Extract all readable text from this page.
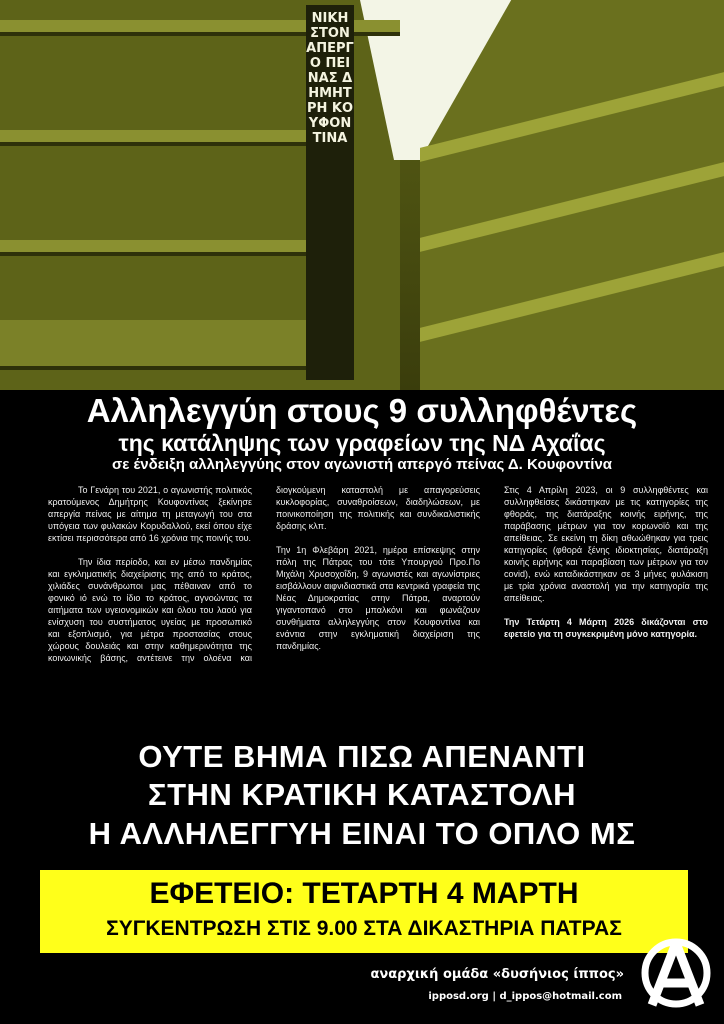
ΝΙΚΗ ΣΤΟΝ ΑΠΕΡΓΟ ΠΕΙΝΑΣ ΔΗΜΗΤΡΗ ΚΟΥΦΟΝΤΙΝΑ
Αλληλεγγύη στους 9 συλληφθέντες
της κατάληψης των γραφείων της ΝΔ Αχαΐας
σε ένδειξη αλληλεγγύης στον αγωνιστή απεργό πείνας Δ. Κουφοντίνα

Το Γενάρη του 2021, ο αγωνιστής πολιτικός κρατούμενος Δημήτρης Κουφοντίνας ξεκίνησε απεργία πείνας με αίτημα τη μεταγωγή του στα υπόγεια των φυλακών Κορυδαλλού, εκεί όπου είχε εκτίσει περισσότερα από 16 χρόνια της ποινής του.

Την ίδια περίοδο, και εν μέσω πανδημίας και εγκληματικής διαχείρισης της από το κράτος, χιλιάδες συνάνθρωποι μας πέθαιναν από το φονικό ιό ενώ το ίδιο το κράτος, αγνοώντας τα αιτήματα των υγειονομικών και όλου του λαού για ενίσχυση του συστήματος υγείας με προσωπικό και εξοπλισμό, για μέτρα προστασίας στους χώρους δουλειάς και στην καθημερινότητα της κοινωνικής βάσης, αντέτεινε την ολοένα και διογκούμενη καταστολή με απαγορεύσεις κυκλοφορίας, συναθροίσεων, διαδηλώσεων, με ποινικοποίηση της πολιτικής και συνδικαλιστικής δράσης κλπ.

Την 1η Φλεβάρη 2021, ημέρα επίσκεψης στην πόλη της Πάτρας του τότε Υπουργού Προ.Πο Μιχάλη Χρυσοχοΐδη, 9 αγωνιστές και αγωνίστριες εισβάλλουν αιφνιδιαστικά στα κεντρικά γραφεία της Νέας Δημοκρατίας στην Πάτρα, αναρτούν γιγαντοπανό στο μπαλκόνι και φωνάζουν συνθήματα αλληλεγγύης στον Κουφοντίνα και ενάντια στην εγκληματική διαχείριση της πανδημίας.

Στις 4 Απρίλη 2023, οι 9 συλληφθέντες και συλληφθείσες δικάστηκαν με τις κατηγορίες της φθοράς, της διατάραξης κοινής ειρήνης, της παράβασης μέτρων για τον κορωνοϊό και της απείθειας. Σε εκείνη τη δίκη αθωώθηκαν για τρεις κατηγορίες (φθορά ξένης ιδιοκτησίας, διατάραξη κοινής ειρήνης και παραβίαση των μέτρων για τον covid), ενώ καταδικάστηκαν σε 3 μήνες φυλάκιση με τρία χρόνια αναστολή για την κατηγορία της απείθειας.

Την Τετάρτη 4 Μάρτη 2026 δικάζονται στο εφετείο για τη συγκεκριμένη μόνο κατηγορία.

ΟΥΤΕ ΒΗΜΑ ΠΙΣΩ ΑΠΕΝΑΝΤΙ
ΣΤΗΝ ΚΡΑΤΙΚΗ ΚΑΤΑΣΤΟΛΗ
Η ΑΛΛΗΛΕΓΓΥΗ ΕΙΝΑΙ ΤΟ ΟΠΛΟ ΜΣ
ΕΦΕΤΕΙΟ: ΤΕΤΑΡΤΗ 4 ΜΑΡΤΗ
ΣΥΓΚΕΝΤΡΩΣΗ ΣΤΙΣ 9.00 ΣΤΑ ΔΙΚΑΣΤΗΡΙΑ ΠΑΤΡΑΣ
αναρχική ομάδα «δυσήνιος ίππος»
ipposd.org | d_ippos@hotmail.com
